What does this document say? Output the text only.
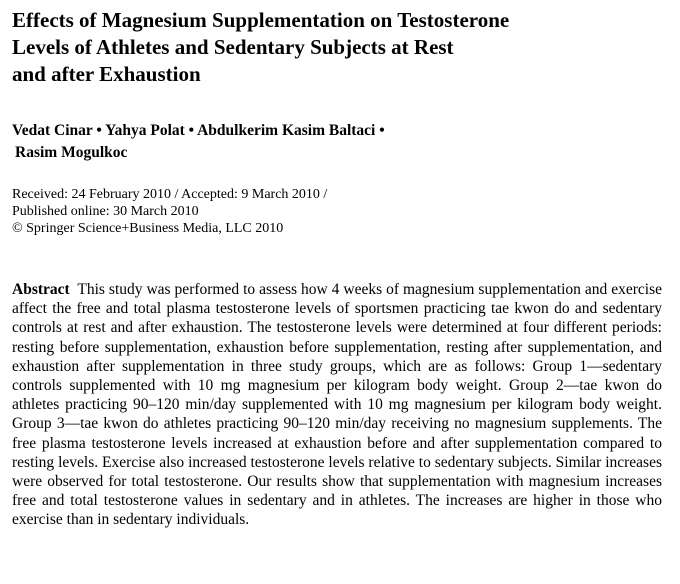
Effects of Magnesium Supplementation on Testosterone
Levels of Athletes and Sedentary Subjects at Rest
and after Exhaustion
Vedat Cinar • Yahya Polat • Abdulkerim Kasim Baltaci •
Rasim Mogulkoc
Received: 24 February 2010 / Accepted: 9 March 2010 /
Published online: 30 March 2010
© Springer Science+Business Media, LLC 2010
Abstract This study was performed to assess how 4 weeks of magnesium supplementation and exercise affect the free and total plasma testosterone levels of sportsmen practicing tae kwon do and sedentary controls at rest and after exhaustion. The testosterone levels were determined at four different periods: resting before supplementation, exhaustion before supplementation, resting after supplementation, and exhaustion after supplementation in three study groups, which are as follows: Group 1—sedentary controls supplemented with 10 mg magnesium per kilogram body weight. Group 2—tae kwon do athletes practicing 90–120 min/day supplemented with 10 mg magnesium per kilogram body weight. Group 3—tae kwon do athletes practicing 90–120 min/day receiving no magnesium supplements. The free plasma testosterone levels increased at exhaustion before and after supplementation compared to resting levels. Exercise also increased testosterone levels relative to sedentary subjects. Similar increases were observed for total testosterone. Our results show that supplementation with magnesium increases free and total testosterone values in sedentary and in athletes. The increases are higher in those who exercise than in sedentary individuals.
